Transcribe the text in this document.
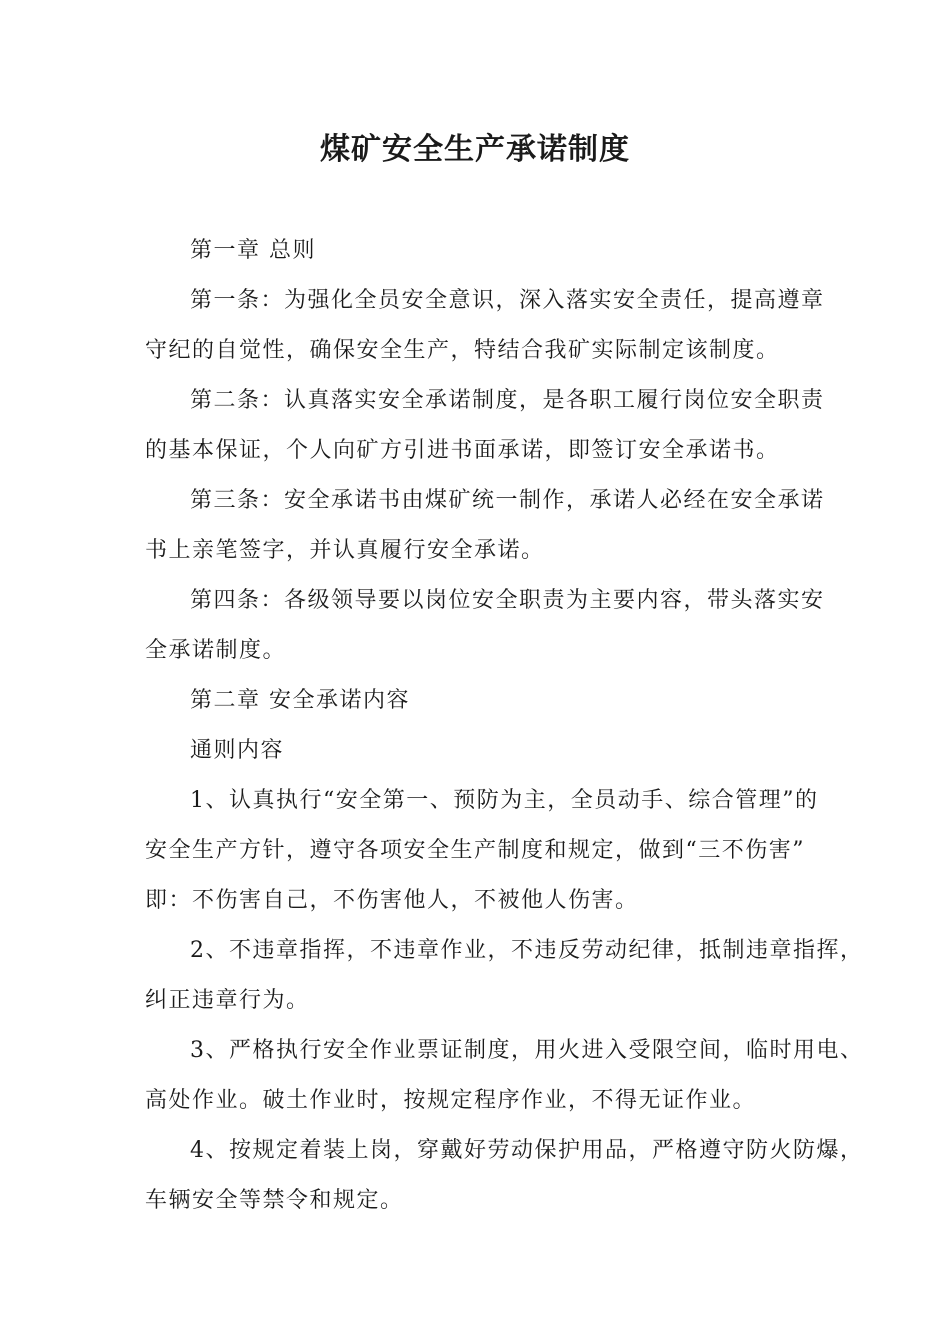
煤矿安全生产承诺制度
第一章 总则
第一条：为强化全员安全意识，深入落实安全责任，提高遵章
守纪的自觉性，确保安全生产，特结合我矿实际制定该制度。
第二条：认真落实安全承诺制度，是各职工履行岗位安全职责
的基本保证，个人向矿方引进书面承诺，即签订安全承诺书。
第三条：安全承诺书由煤矿统一制作，承诺人必经在安全承诺
书上亲笔签字，并认真履行安全承诺。
第四条：各级领导要以岗位安全职责为主要内容，带头落实安
全承诺制度。
第二章 安全承诺内容
通则内容
1、认真执行“安全第一、预防为主，全员动手、综合管理”的
安全生产方针，遵守各项安全生产制度和规定，做到“三不伤害”
即：不伤害自己，不伤害他人，不被他人伤害。
2、不违章指挥，不违章作业，不违反劳动纪律，抵制违章指挥，
纠正违章行为。
3、严格执行安全作业票证制度，用火进入受限空间，临时用电、
高处作业。破土作业时，按规定程序作业，不得无证作业。
4、按规定着装上岗，穿戴好劳动保护用品，严格遵守防火防爆，
车辆安全等禁令和规定。
